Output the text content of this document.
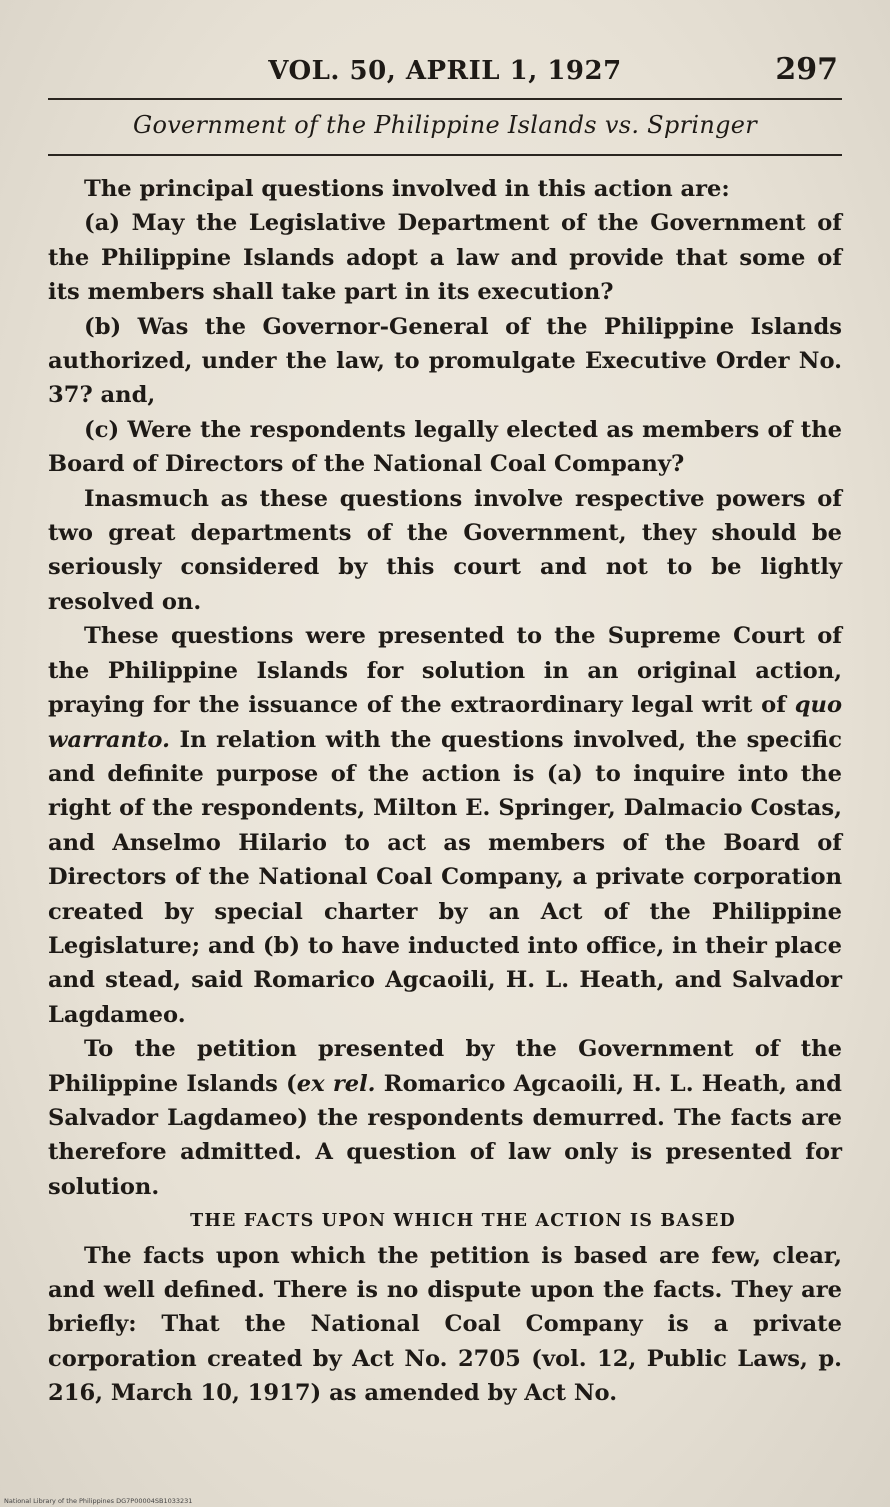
VOL. 50, APRIL 1, 1927	297
Government of the Philippine Islands vs. Springer

The principal questions involved in this action are:

(a) May the Legislative Department of the Government of the Philippine Islands adopt a law and provide that some of its members shall take part in its execution?

(b) Was the Governor-General of the Philippine Islands authorized, under the law, to promulgate Executive Order No. 37? and,

(c) Were the respondents legally elected as members of the Board of Directors of the National Coal Company?

Inasmuch as these questions involve respective powers of two great departments of the Government, they should be seriously considered by this court and not to be lightly resolved on.

These questions were presented to the Supreme Court of the Philippine Islands for solution in an original action, praying for the issuance of the extraordinary legal writ of quo warranto. In relation with the questions involved, the specific and definite purpose of the action is (a) to inquire into the right of the respondents, Milton E. Springer, Dalmacio Costas, and Anselmo Hilario to act as members of the Board of Directors of the National Coal Company, a private corporation created by special charter by an Act of the Philippine Legislature; and (b) to have inducted into office, in their place and stead, said Romarico Agcaoili, H. L. Heath, and Salvador Lagdameo.

To the petition presented by the Government of the Philippine Islands (ex rel. Romarico Agcaoili, H. L. Heath, and Salvador Lagdameo) the respondents demurred. The facts are therefore admitted. A question of law only is presented for solution.

THE FACTS UPON WHICH THE ACTION IS BASED

The facts upon which the petition is based are few, clear, and well defined. There is no dispute upon the facts. They are briefly: That the National Coal Company is a private corporation created by Act No. 2705 (vol. 12, Public Laws, p. 216, March 10, 1917) as amended by Act No.

National Library of the Philippines DG7P00004SB1033231
